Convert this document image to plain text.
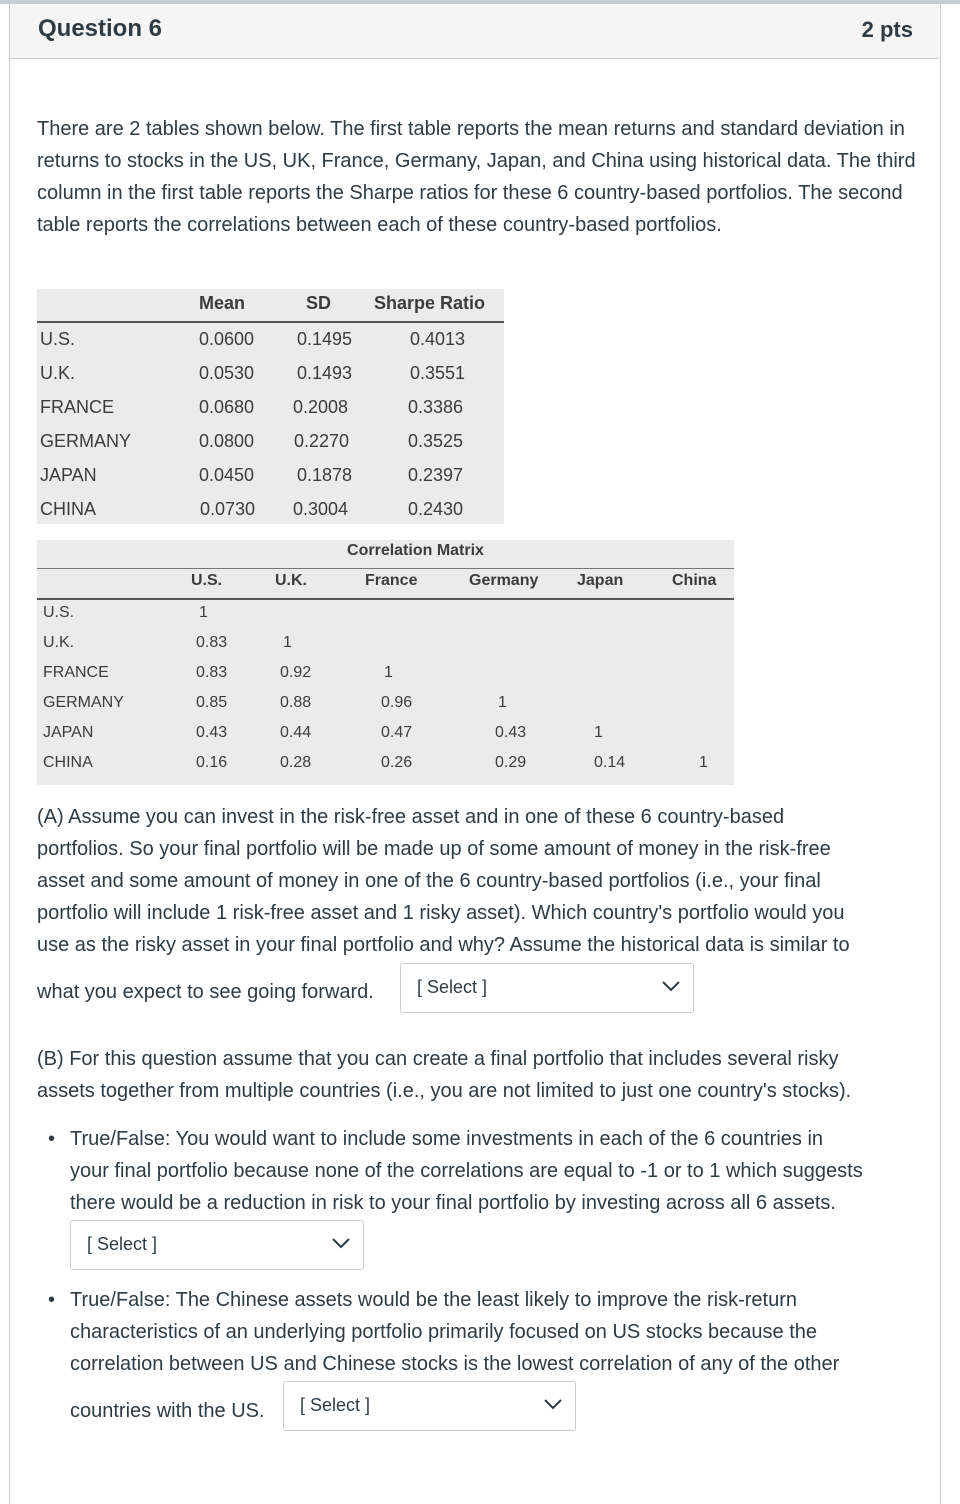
Question 6	2 pts
There are 2 tables shown below. The first table reports the mean returns and standard deviation in returns to stocks in the US, UK, France, Germany, Japan, and China using historical data. The third column in the first table reports the Sharpe ratios for these 6 country-based portfolios. The second table reports the correlations between each of these country-based portfolios.
Mean	SD Sharpe Ratio
U.S.	0.0600 0.1495	0.4013
U.K.	0.0530 0.1493	0.3551
FRANCE	0.0680 0.2008	0.3386
GERMANY	0.0800 0.2270	0.3525
JAPAN	0.0450 0.1878	0.2397
CHINA	0.0730 0.3004	0.2430
Correlation Matrix
U.S.	U.K.	France	Germany Japan	China
U.S.	1
U.K.	0.83	1
FRANCE	0.83	0.92	1
GERMANY	0.85	0.88	0.96	1
JAPAN	0.43	0.44	0.47	0.43	1
CHINA	0.16	0.28	0.26	0.29	0.14	1
(A) Assume you can invest in the risk-free asset and in one of these 6 country-based
portfolios. So your final portfolio will be made up of some amount of money in the risk-free
asset and some amount of money in one of the 6 country-based portfolios (i.e., your final
portfolio will include 1 risk-free asset and 1 risky asset). Which country's portfolio would you
use as the risky asset in your final portfolio and why? Assume the historical data is similar to
what you expect to see going forward. [ Select ]
(B) For this question assume that you can create a final portfolio that includes several risky
assets together from multiple countries (i.e., you are not limited to just one country's stocks).
• True/False: You would want to include some investments in each of the 6 countries in
your final portfolio because none of the correlations are equal to -1 or to 1 which suggests
there would be a reduction in risk to your final portfolio by investing across all 6 assets.
[ Select ]
• True/False: The Chinese assets would be the least likely to improve the risk-return
characteristics of an underlying portfolio primarily focused on US stocks because the
correlation between US and Chinese stocks is the lowest correlation of any of the other
countries with the US. [ Select ]
